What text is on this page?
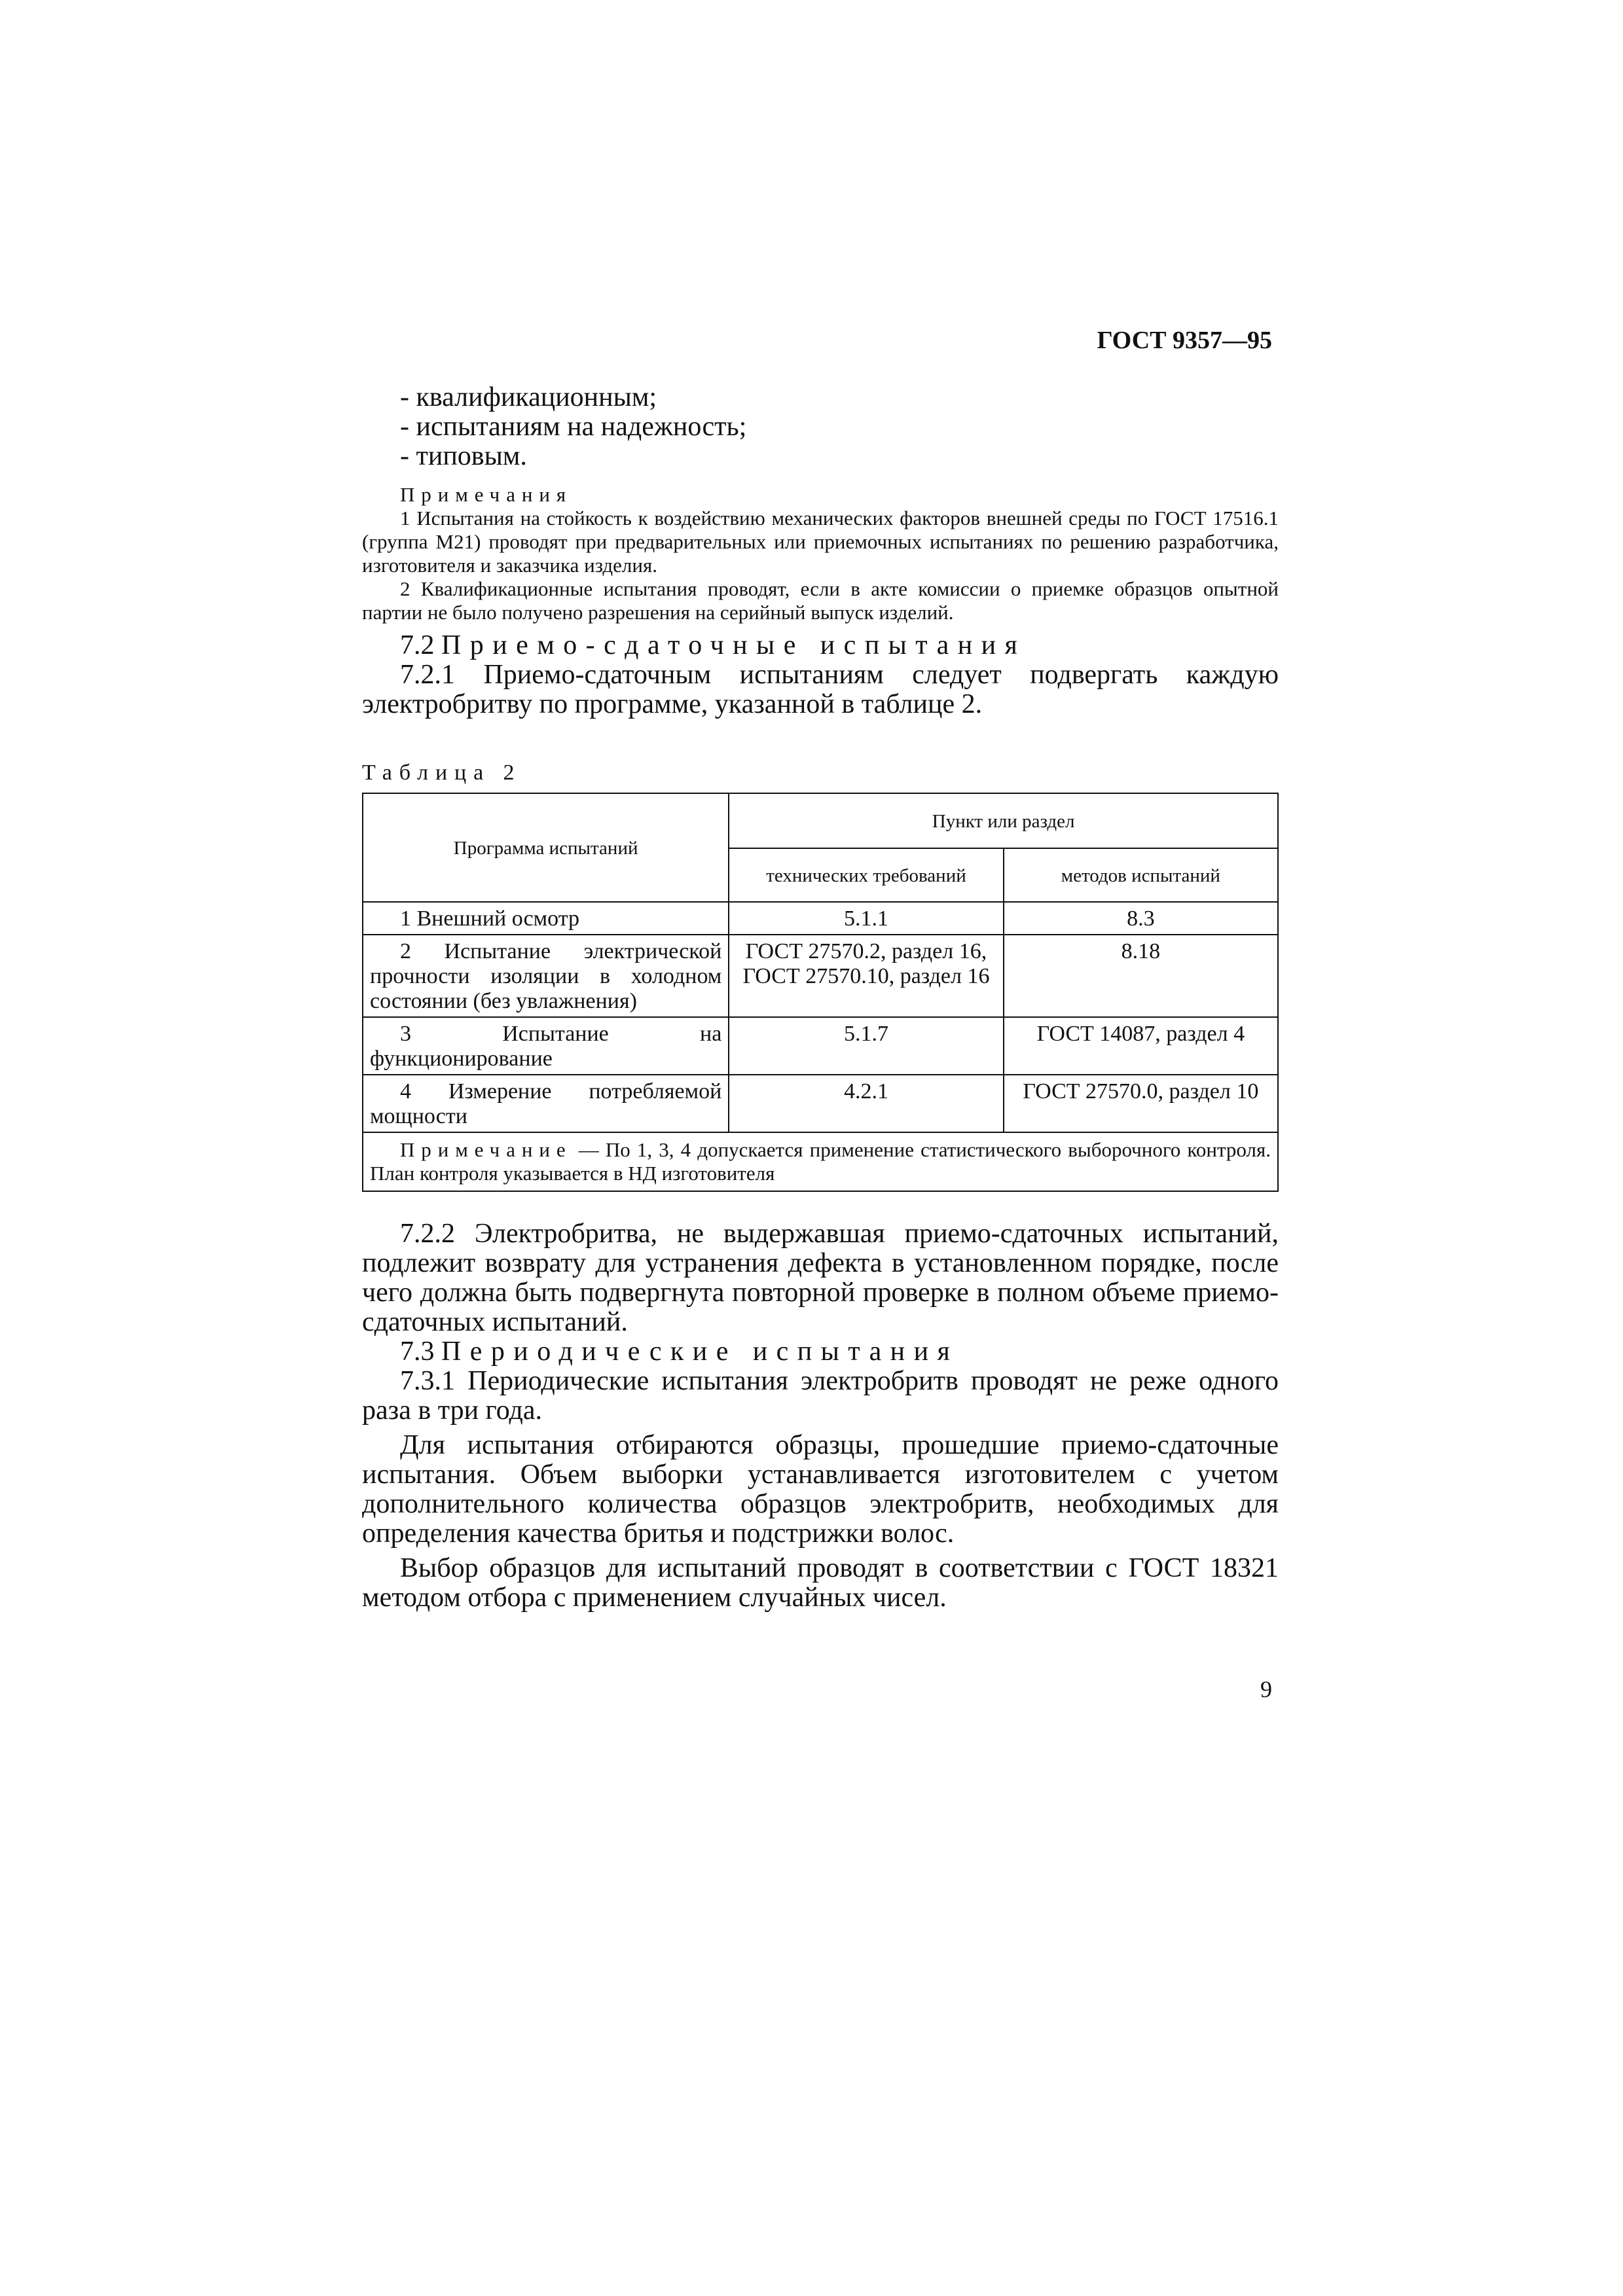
ГОСТ 9357—95
- квалификационным;
- испытаниям на надежность;
- типовым.
Примечания
1 Испытания на стойкость к воздействию механических факторов внешней среды по ГОСТ 17516.1 (группа М21) проводят при предварительных или приемочных испытаниях по решению разработчика, изготовителя и заказчика изделия.
2 Квалификационные испытания проводят, если в акте комиссии о приемке образцов опытной партии не было получено разрешения на серийный выпуск изделий.
7.2 Приемо-сдаточные испытания
7.2.1 Приемо-сдаточным испытаниям следует подвергать каждую электробритву по программе, указанной в таблице 2.
Таблица 2
Программа испытаний	Пункт или раздел	
	технических требований	методов испытаний
1 Внешний осмотр	5.1.1	8.3
2 Испытание электрической прочности изоляции в холодном состоянии (без увлажнения)	ГОСТ 27570.2, раздел 16, ГОСТ 27570.10, раздел 16	8.18
3 Испытание на функционирование	5.1.7	ГОСТ 14087, раздел 4
4 Измерение потребляемой мощности	4.2.1	ГОСТ 27570.0, раздел 10
Примечание — По 1, 3, 4 допускается применение статистического выборочного контроля. План контроля указывается в НД изготовителя		
7.2.2 Электробритва, не выдержавшая приемо-сдаточных испытаний, подлежит возврату для устранения дефекта в установленном порядке, после чего должна быть подвергнута повторной проверке в полном объеме приемо-сдаточных испытаний.
7.3 Периодические испытания
7.3.1 Периодические испытания электробритв проводят не реже одного раза в три года.
Для испытания отбираются образцы, прошедшие приемо-сдаточные испытания. Объем выборки устанавливается изготовителем с учетом дополнительного количества образцов электробритв, необходимых для определения качества бритья и подстрижки волос.
Выбор образцов для испытаний проводят в соответствии с ГОСТ 18321 методом отбора с применением случайных чисел.
9
